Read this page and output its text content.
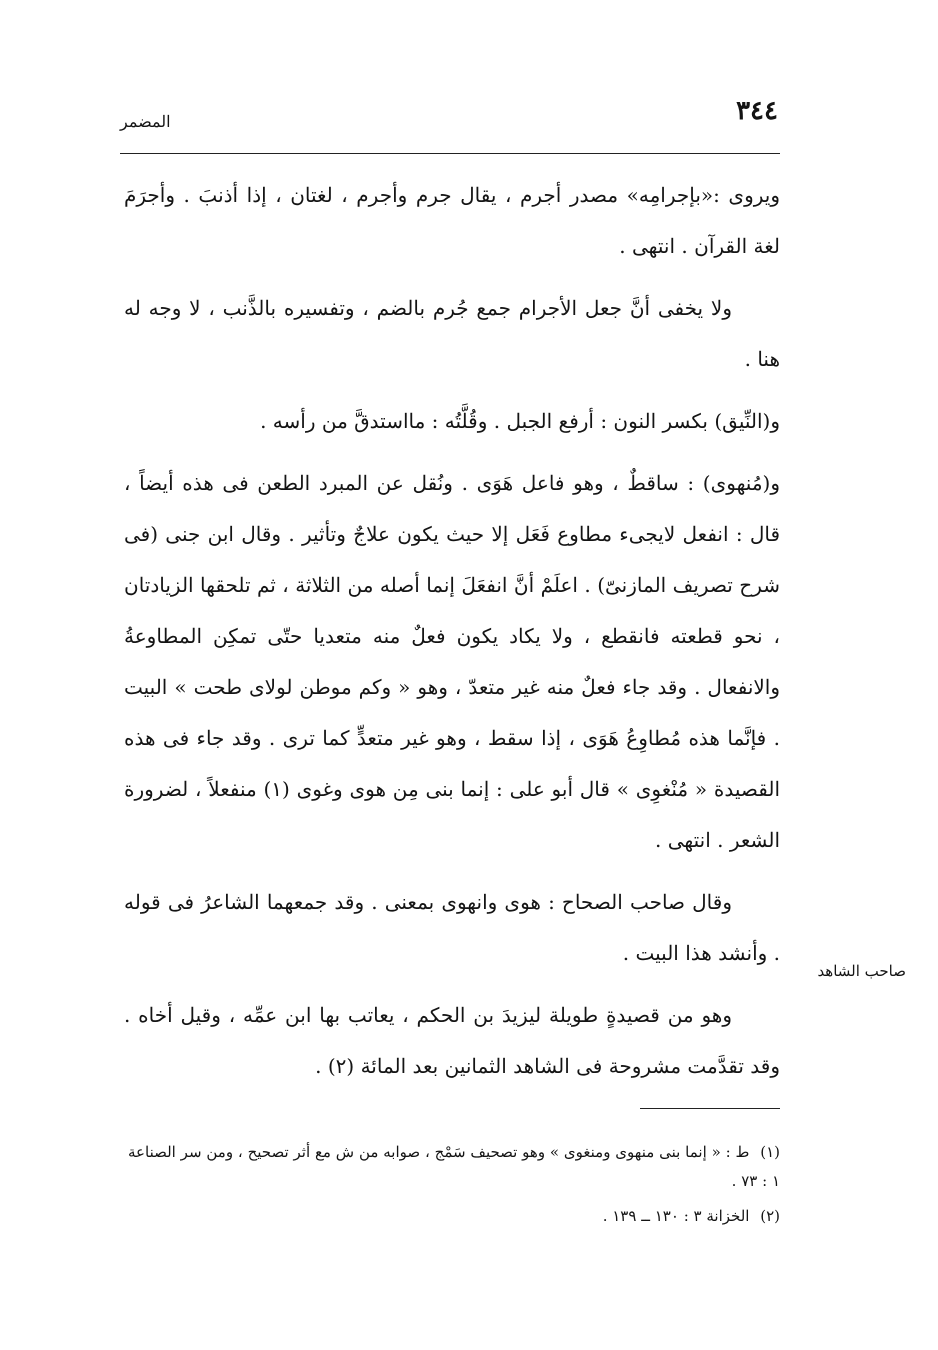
٣٤٤
المضمر

ويروى :«بإجرامِه» مصدر أجرم ، يقال جرم وأجرم ، لغتان ، إذا أذنبَ . وأجرَمَ لغة القرآن . انتهى .

ولا يخفى أنَّ جعل الأجرام جمع جُرم بالضم ، وتفسيره بالذَّنب ، لا وجه له هنا .

و(النِّيق) بكسر النون : أرفع الجبل . وقُلَّتُه : مااستدقَّ من رأسه .

و(مُنهوى) : ساقطٌ ، وهو فاعل هَوَى . ونُقل عن المبرد الطعن فى هذه أيضاً ، قال : انفعل لايجىء مطاوع فَعَل إلا حيث يكون علاجٌ وتأثير . وقال ابن جنى (فى شرح تصريف المازنىّ) . اعلَمْ أنَّ انفعَلَ إنما أصله من الثلاثة ، ثم تلحقها الزيادتان ، نحو قطعته فانقطع ، ولا يكاد يكون فعلٌ منه متعديا حتّى تمكِن المطاوعةُ والانفعال . وقد جاء فعلٌ منه غير متعدّ ، وهو « وكم موطن لولاى طحت » البيت . فإنَّما هذه مُطاوِعُ هَوَى ، إذا سقط ، وهو غير متعدٍّ كما ترى . وقد جاء فى هذه القصيدة « مُنْغوِى » قال أبو على : إنما بنى مِن هوى وغوى (١) منفعلاً ، لضرورة الشعر . انتهى .

وقال صاحب الصحاح : هوى وانهوى بمعنى . وقد جمعهما الشاعرُ فى قوله . وأنشد هذا البيت .

وهو من قصيدةٍ طويلة ليزيدَ بن الحكم ، يعاتب بها ابن عمِّه ، وقيل أخاه . وقد تقدَّمت مشروحة فى الشاهد الثمانين بعد المائة (٢) .

صاحب الشاهد

(١) ط : « إنما بنى منهوى ومنغوى » وهو تصحيف سَمْج ، صوابه من ش مع أثر تصحيح ، ومن سر الصناعة ١ : ٧٣ .

(٢) الخزانة ٣ : ١٣٠ ــ ١٣٩ .
